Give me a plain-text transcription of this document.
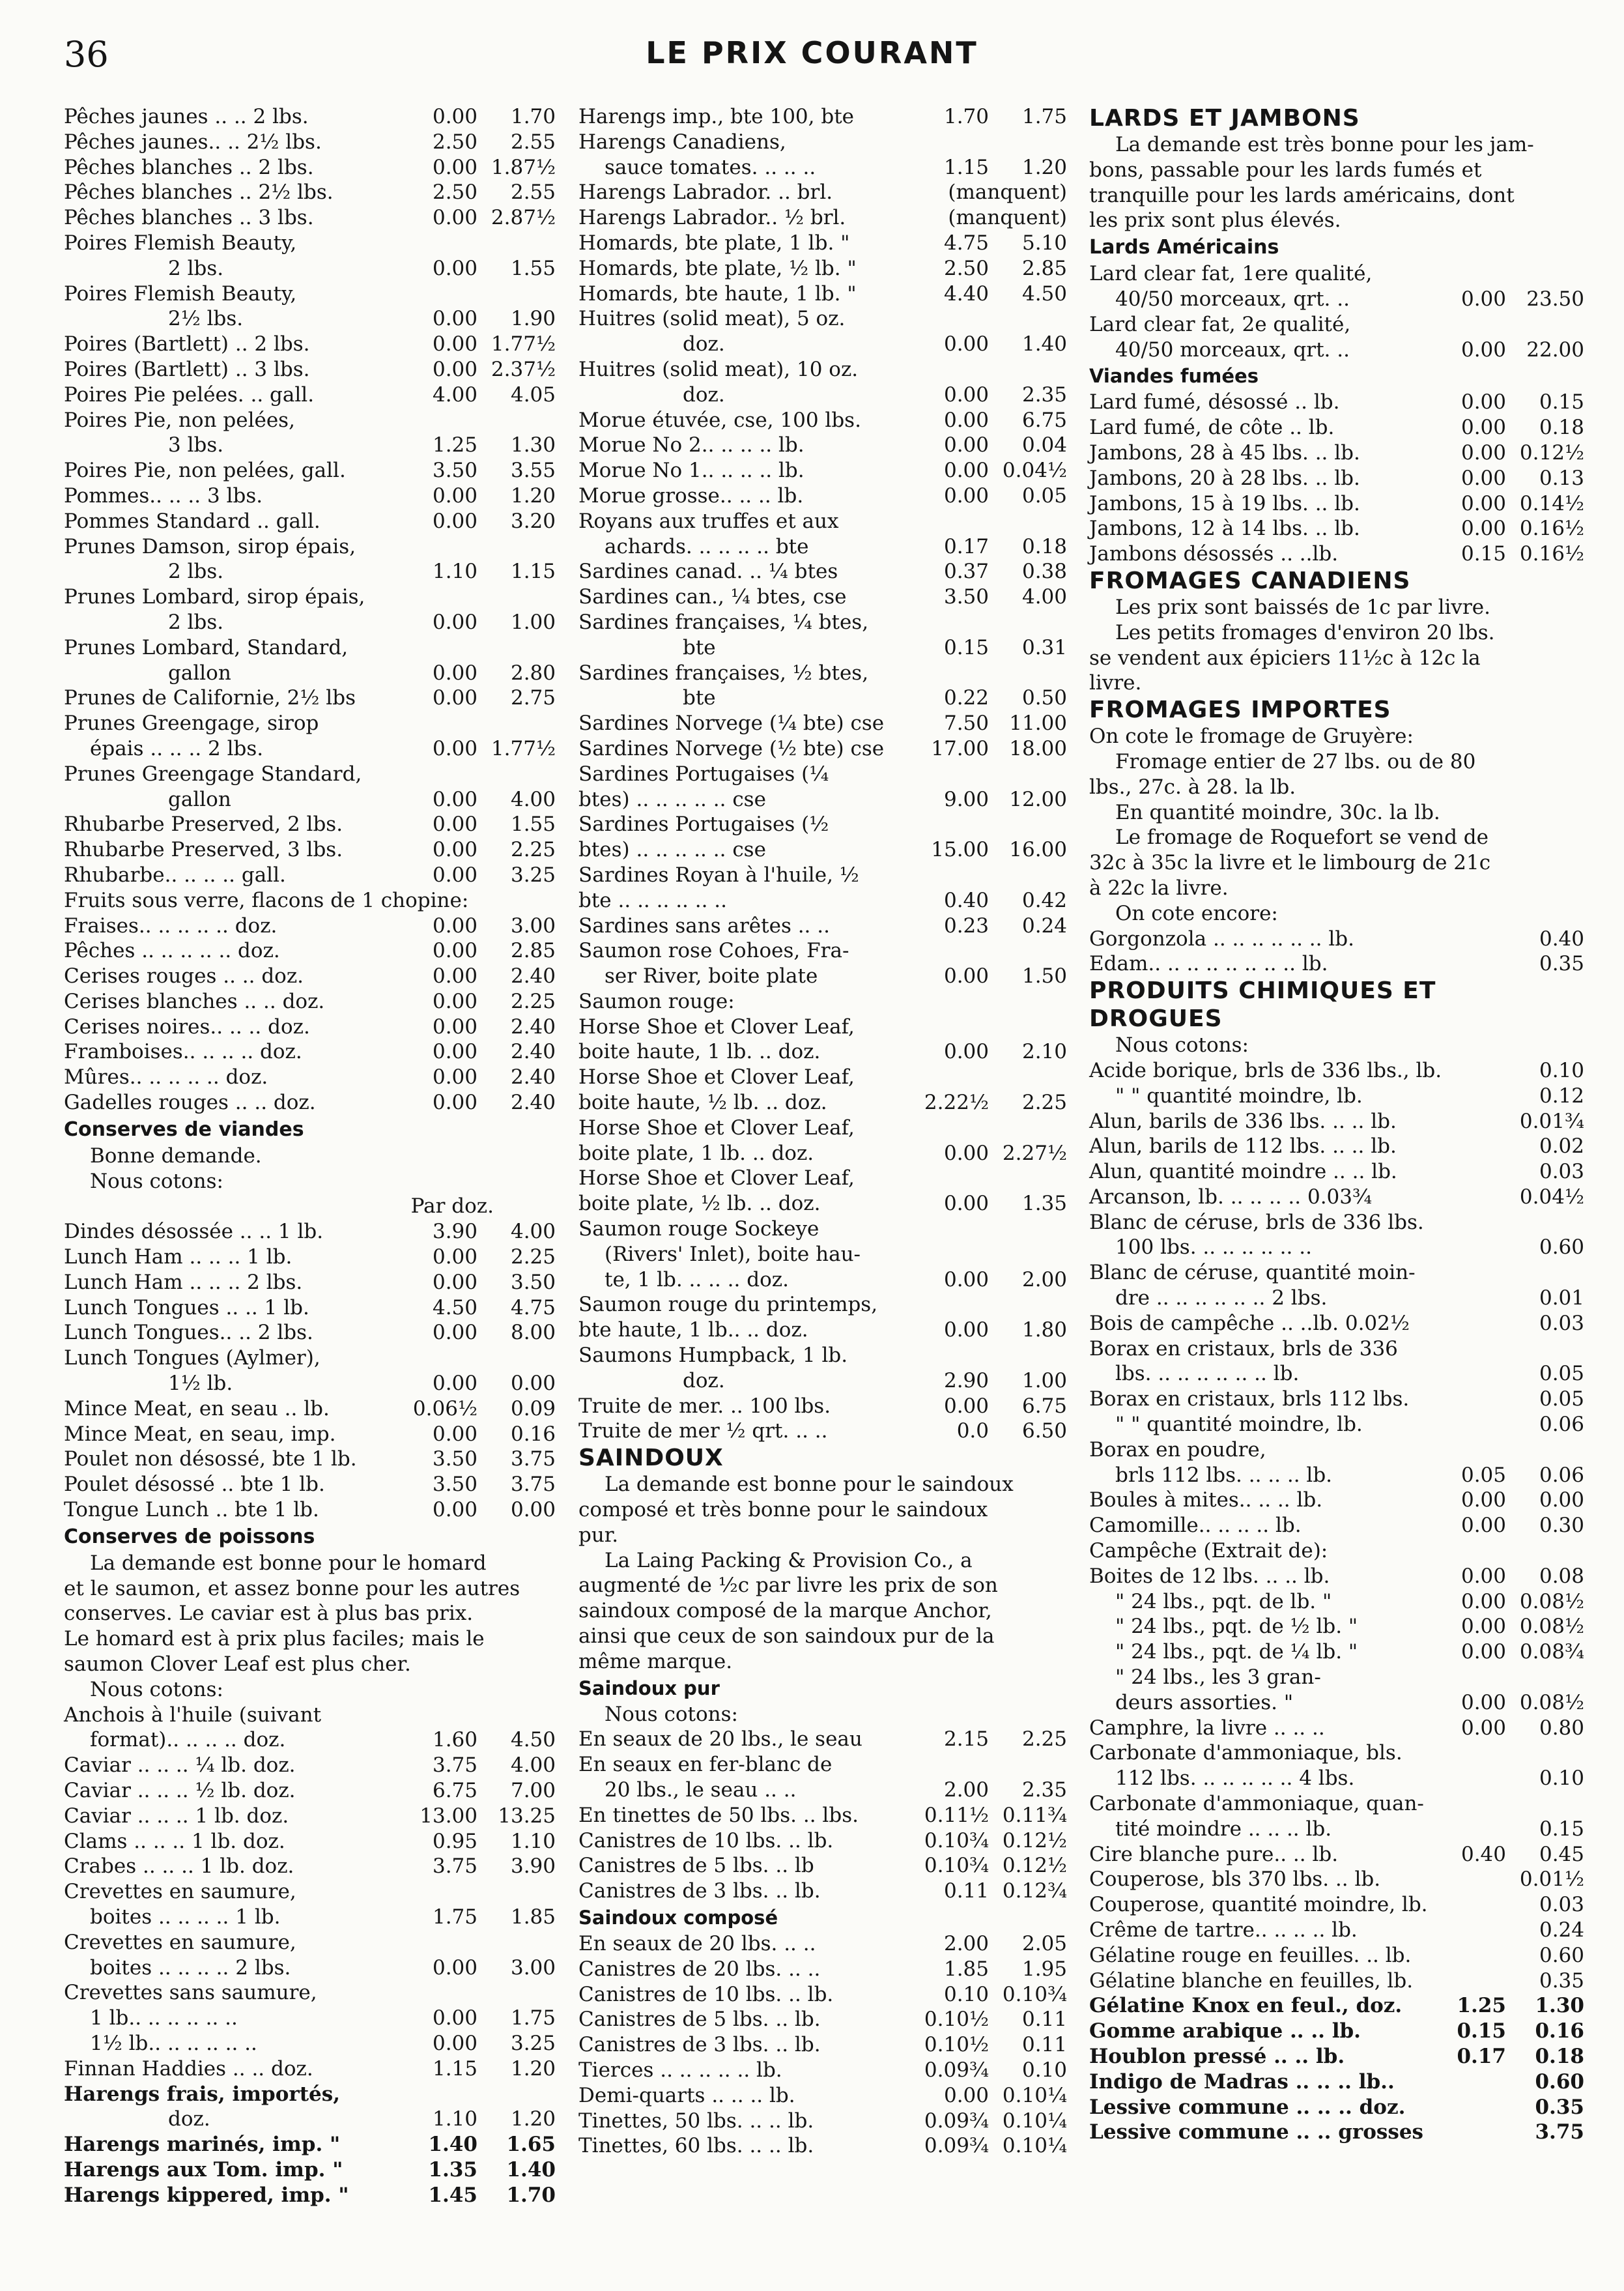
36	LE PRIX COURANT
Pêches jaunes .. .. 2 lbs.	0.00 1.70
Pêches jaunes.. .. 2½ lbs.	2.50 2.55
Pêches blanches .. 2 lbs.	0.00 1.87½
Pêches blanches .. 2½ lbs.	2.50 2.55
Pêches blanches .. 3 lbs.	0.00 2.87½
Poires Flemish Beauty,
2 lbs.	0.00 1.55
Poires Flemish Beauty,
2½ lbs.	0.00 1.90
Poires (Bartlett) .. 2 lbs.	0.00 1.77½
Poires (Bartlett) .. 3 lbs.	0.00 2.37½
Poires Pie pelées. .. gall.	4.00 4.05
Poires Pie, non pelées,
3 lbs.	1.25 1.30
Poires Pie, non pelées, gall.	3.50 3.55
Pommes.. .. .. 3 lbs.	0.00 1.20
Pommes Standard .. gall.	0.00 3.20
Prunes Damson, sirop épais,
2 lbs.	1.10 1.15
Prunes Lombard, sirop épais,
2 lbs.	0.00 1.00
Prunes Lombard, Standard,
gallon	0.00 2.80
Prunes de Californie, 2½ lbs	0.00 2.75
Prunes Greengage, sirop
épais .. .. .. 2 lbs.	0.00 1.77½
Prunes Greengage Standard,
gallon	0.00 4.00
Rhubarbe Preserved, 2 lbs.	0.00 1.55
Rhubarbe Preserved, 3 lbs.	0.00 2.25
Rhubarbe.. .. .. .. gall.	0.00 3.25
Fruits sous verre, flacons de 1 chopine:
Fraises.. .. .. .. .. doz.	0.00 3.00
Pêches .. .. .. .. .. doz.	0.00 2.85
Cerises rouges .. .. doz.	0.00 2.40
Cerises blanches .. .. doz.	0.00 2.25
Cerises noires.. .. .. doz.	0.00 2.40
Framboises.. .. .. .. doz.	0.00 2.40
Mûres.. .. .. .. .. doz.	0.00 2.40
Gadelles rouges .. .. doz.	0.00 2.40
Conserves de viandes
Bonne demande.
Nous cotons:
Par doz.
Dindes désossée .. .. 1 lb.	3.90 4.00
Lunch Ham .. .. .. 1 lb.	0.00 2.25
Lunch Ham .. .. .. 2 lbs.	0.00 3.50
Lunch Tongues .. .. 1 lb.	4.50 4.75
Lunch Tongues.. .. 2 lbs.	0.00 8.00
Lunch Tongues (Aylmer),
1½ lb.	0.00 0.00
Mince Meat, en seau .. lb.	0.06½ 0.09
Mince Meat, en seau, imp.	0.00 0.16
Poulet non désossé, bte 1 lb.	3.50 3.75
Poulet désossé .. bte 1 lb.	3.50 3.75
Tongue Lunch .. bte 1 lb.	0.00 0.00
Conserves de poissons
La demande est bonne pour le homard
et le saumon, et assez bonne pour les autres
conserves. Le caviar est à plus bas prix.
Le homard est à prix plus faciles; mais le
saumon Clover Leaf est plus cher.
Nous cotons:
Anchois à l'huile (suivant
format).. .. .. .. doz.	1.60 4.50
Caviar .. .. .. ¼ lb. doz.	3.75 4.00
Caviar .. .. .. ½ lb. doz.	6.75 7.00
Caviar .. .. .. 1 lb. doz.	13.00 13.25
Clams .. .. .. 1 lb. doz.	0.95 1.10
Crabes .. .. .. 1 lb. doz.	3.75 3.90
Crevettes en saumure,
boites .. .. .. .. 1 lb.	1.75 1.85
Crevettes en saumure,
boites .. .. .. .. 2 lbs.	0.00 3.00
Crevettes sans saumure,
1 lb.. .. .. .. .. ..	0.00 1.75
1½ lb.. .. .. .. .. ..	0.00 3.25
Finnan Haddies .. .. doz.	1.15 1.20
Harengs frais, importés,
doz.	1.10 1.20
Harengs marinés, imp. "	1.40 1.65
Harengs aux Tom. imp. "	1.35 1.40
Harengs kippered, imp. "	1.45 1.70
Harengs imp., bte 100, bte	1.70 1.75
Harengs Canadiens,
sauce tomates. .. .. ..	1.15 1.20
Harengs Labrador. .. brl.	(manquent)
Harengs Labrador.. ½ brl.	(manquent)
Homards, bte plate, 1 lb. "	4.75 5.10
Homards, bte plate, ½ lb. "	2.50 2.85
Homards, bte haute, 1 lb. "	4.40 4.50
Huitres (solid meat), 5 oz.
doz.	0.00 1.40
Huitres (solid meat), 10 oz.
doz.	0.00 2.35
Morue étuvée, cse, 100 lbs.	0.00 6.75
Morue No 2.. .. .. .. lb.	0.00 0.04
Morue No 1.. .. .. .. lb.	0.00 0.04½
Morue grosse.. .. .. lb.	0.00 0.05
Royans aux truffes et aux
achards. .. .. .. .. bte	0.17 0.18
Sardines canad. .. ¼ btes	0.37 0.38
Sardines can., ¼ btes, cse	3.50 4.00
Sardines françaises, ¼ btes,
bte	0.15 0.31
Sardines françaises, ½ btes,
bte	0.22 0.50
Sardines Norvege (¼ bte) cse	7.50 11.00
Sardines Norvege (½ bte) cse 17.00 18.00
Sardines Portugaises (¼
btes) .. .. .. .. .. cse	9.00 12.00
Sardines Portugaises (½
btes) .. .. .. .. .. cse	15.00 16.00
Sardines Royan à l'huile, ½
bte .. .. .. .. .. ..	0.40 0.42
Sardines sans arêtes .. ..	0.23 0.24
Saumon rose Cohoes, Fra-
ser River, boite plate	0.00 1.50
Saumon rouge:
Horse Shoe et Clover Leaf,
boite haute, 1 lb. .. doz.	0.00 2.10
Horse Shoe et Clover Leaf,
boite haute, ½ lb. .. doz.	2.22½ 2.25
Horse Shoe et Clover Leaf,
boite plate, 1 lb. .. doz.	0.00 2.27½
Horse Shoe et Clover Leaf,
boite plate, ½ lb. .. doz.	0.00 1.35
Saumon rouge Sockeye
(Rivers' Inlet), boite hau-
te, 1 lb. .. .. .. doz.	0.00 2.00
Saumon rouge du printemps,
bte haute, 1 lb.. .. doz.	0.00 1.80
Saumons Humpback, 1 lb.
doz.	2.90 1.00
Truite de mer. .. 100 lbs.	0.00 6.75
Truite de mer ½ qrt. .. ..	0.0 6.50
SAINDOUX
La demande est bonne pour le saindoux
composé et très bonne pour le saindoux
pur.
La Laing Packing & Provision Co., a
augmenté de ½c par livre les prix de son
saindoux composé de la marque Anchor,
ainsi que ceux de son saindoux pur de la
même marque.
Saindoux pur
Nous cotons:
En seaux de 20 lbs., le seau	2.15 2.25
En seaux en fer-blanc de
20 lbs., le seau .. ..	2.00 2.35
En tinettes de 50 lbs. .. lbs.	0.11½ 0.11¾
Canistres de 10 lbs. .. lb.	0.10¾ 0.12½
Canistres de 5 lbs. .. lb	0.10¾ 0.12½
Canistres de 3 lbs. .. lb.	0.11 0.12¾
Saindoux composé
En seaux de 20 lbs. .. ..	2.00 2.05
Canistres de 20 lbs. .. ..	1.85 1.95
Canistres de 10 lbs. .. lb.	0.10 0.10¾
Canistres de 5 lbs. .. lb.	0.10½ 0.11
Canistres de 3 lbs. .. lb.	0.10½ 0.11
Tierces .. .. .. .. .. lb.	0.09¾ 0.10
Demi-quarts .. .. .. lb.	0.00 0.10¼
Tinettes, 50 lbs. .. .. lb.	0.09¾ 0.10¼
Tinettes, 60 lbs. .. .. lb.	0.09¾ 0.10¼
LARDS ET JAMBONS
La demande est très bonne pour les jam-
bons, passable pour les lards fumés et
tranquille pour les lards américains, dont
les prix sont plus élevés.
Lards Américains
Lard clear fat, 1ere qualité,
40/50 morceaux, qrt. ..	0.00 23.50
Lard clear fat, 2e qualité,
40/50 morceaux, qrt. ..	0.00 22.00
Viandes fumées
Lard fumé, désossé .. lb.	0.00 0.15
Lard fumé, de côte .. lb.	0.00 0.18
Jambons, 28 à 45 lbs. .. lb.	0.00 0.12½
Jambons, 20 à 28 lbs. .. lb.	0.00 0.13
Jambons, 15 à 19 lbs. .. lb.	0.00 0.14½
Jambons, 12 à 14 lbs. .. lb.	0.00 0.16½
Jambons désossés .. ..lb.	0.15 0.16½
FROMAGES CANADIENS
Les prix sont baissés de 1c par livre.
Les petits fromages d'environ 20 lbs.
se vendent aux épiciers 11½c à 12c la
livre.
FROMAGES IMPORTES
On cote le fromage de Gruyère:
Fromage entier de 27 lbs. ou de 80
lbs., 27c. à 28. la lb.
En quantité moindre, 30c. la lb.
Le fromage de Roquefort se vend de
32c à 35c la livre et le limbourg de 21c
à 22c la livre.
On cote encore:
Gorgonzola .. .. .. .. .. .. lb.	0.40
Edam.. .. .. .. .. .. .. .. lb.	0.35
PRODUITS CHIMIQUES ET
DROGUES
Nous cotons:
Acide borique, brls de 336 lbs., lb.	0.10
" " quantité moindre, lb.	0.12
Alun, barils de 336 lbs. .. .. lb.	0.01¾
Alun, barils de 112 lbs. .. .. lb.	0.02
Alun, quantité moindre .. .. lb.	0.03
Arcanson, lb. .. .. .. .. 0.03¾	0.04½
Blanc de céruse, brls de 336 lbs.
100 lbs. .. .. .. .. .. ..	0.60
Blanc de céruse, quantité moin-
dre .. .. .. .. .. .. 2 lbs.	0.01
Bois de campêche .. ..lb. 0.02½	0.03
Borax en cristaux, brls de 336
lbs. .. .. .. .. .. .. lb.	0.05
Borax en cristaux, brls 112 lbs.	0.05
" " quantité moindre, lb.	0.06
Borax en poudre,
brls 112 lbs. .. .. .. lb.	0.05 0.06
Boules à mites.. .. .. lb.	0.00 0.00
Camomille.. .. .. .. lb.	0.00 0.30
Campêche (Extrait de):
Boites de 12 lbs. .. .. lb.	0.00 0.08
" 24 lbs., pqt. de lb. "	0.00 0.08½
" 24 lbs., pqt. de ½ lb. "	0.00 0.08½
" 24 lbs., pqt. de ¼ lb. "	0.00 0.08¾
" 24 lbs., les 3 gran-
deurs assorties. "	0.00 0.08½
Camphre, la livre .. .. ..	0.00 0.80
Carbonate d'ammoniaque, bls.
112 lbs. .. .. .. .. .. 4 lbs.	0.10
Carbonate d'ammoniaque, quan-
tité moindre .. .. .. lb.	0.15
Cire blanche pure.. .. lb.	0.40 0.45
Couperose, bls 370 lbs. .. lb.	0.01½
Couperose, quantité moindre, lb.	0.03
Crême de tartre.. .. .. .. lb.	0.24
Gélatine rouge en feuilles. .. lb.	0.60
Gélatine blanche en feuilles, lb.	0.35
Gélatine Knox en feul., doz.	1.25 1.30
Gomme arabique .. .. lb.	0.15 0.16
Houblon pressé .. .. lb.	0.17 0.18
Indigo de Madras .. .. .. lb..	0.60
Lessive commune .. .. .. doz.	0.35
Lessive commune .. .. grosses	3.75
